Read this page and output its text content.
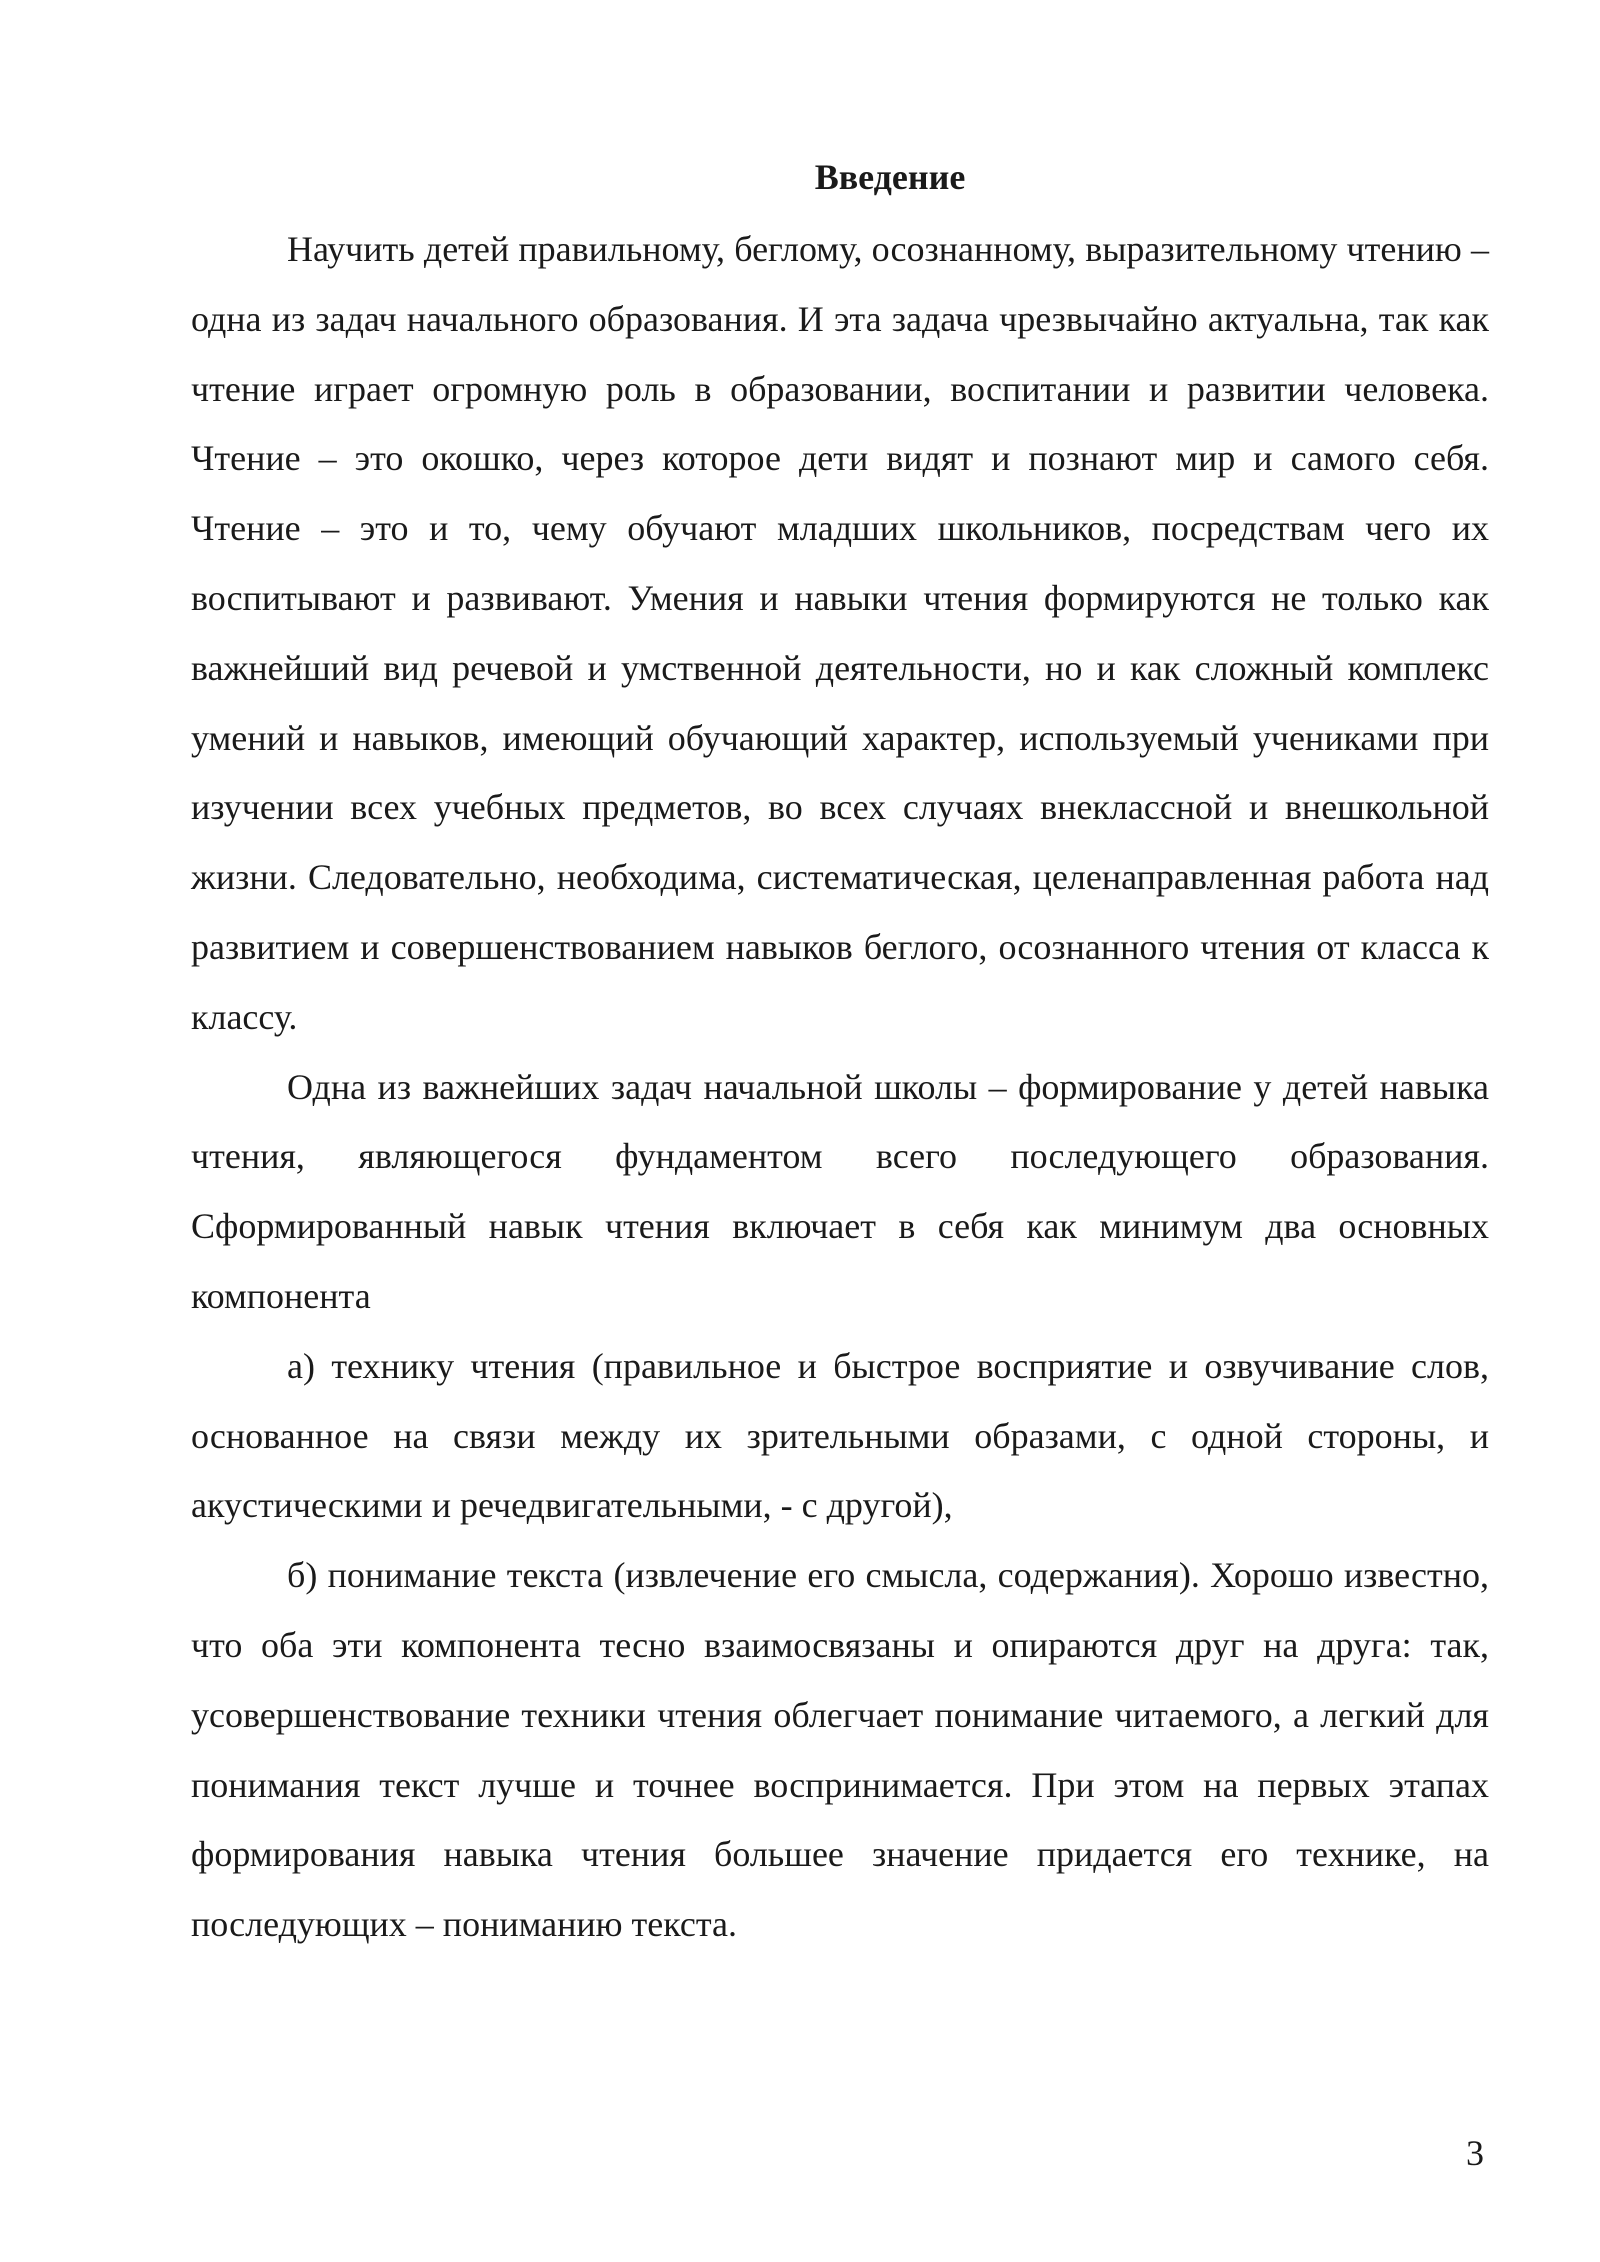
Введение

Научить детей правильному, беглому, осознанному, выразительному чтению – одна из задач начального образования. И эта задача чрезвычайно актуальна, так как чтение играет огромную роль в образовании, воспитании и развитии человека. Чтение – это окошко, через которое дети видят и познают мир и самого себя. Чтение – это и то, чему обучают младших школьников, посредствам чего их воспитывают и развивают. Умения и навыки чтения формируются не только как важнейший вид речевой и умственной деятельности, но и как сложный комплекс умений и навыков, имеющий обучающий характер, используемый учениками при изучении всех учебных предметов, во всех случаях внеклассной и внешкольной жизни. Следовательно, необходима, систематическая, целенаправленная работа над развитием и совершенствованием навыков беглого, осознанного чтения от класса к классу.

Одна из важнейших задач начальной школы – формирование у детей навыка чтения, являющегося фундаментом всего последующего образования. Сформированный навык чтения включает в себя как минимум два основных компонента

а) технику чтения (правильное и быстрое восприятие и озвучивание слов, основанное на связи между их зрительными образами, с одной стороны, и акустическими и речедвигательными, - с другой),

б) понимание текста (извлечение его смысла, содержания). Хорошо известно, что оба эти компонента тесно взаимосвязаны и опираются друг на друга: так, усовершенствование техники чтения облегчает понимание читаемого, а легкий для понимания текст лучше и точнее воспринимается. При этом на первых этапах формирования навыка чтения большее значение придается его технике, на последующих – пониманию текста.

3
